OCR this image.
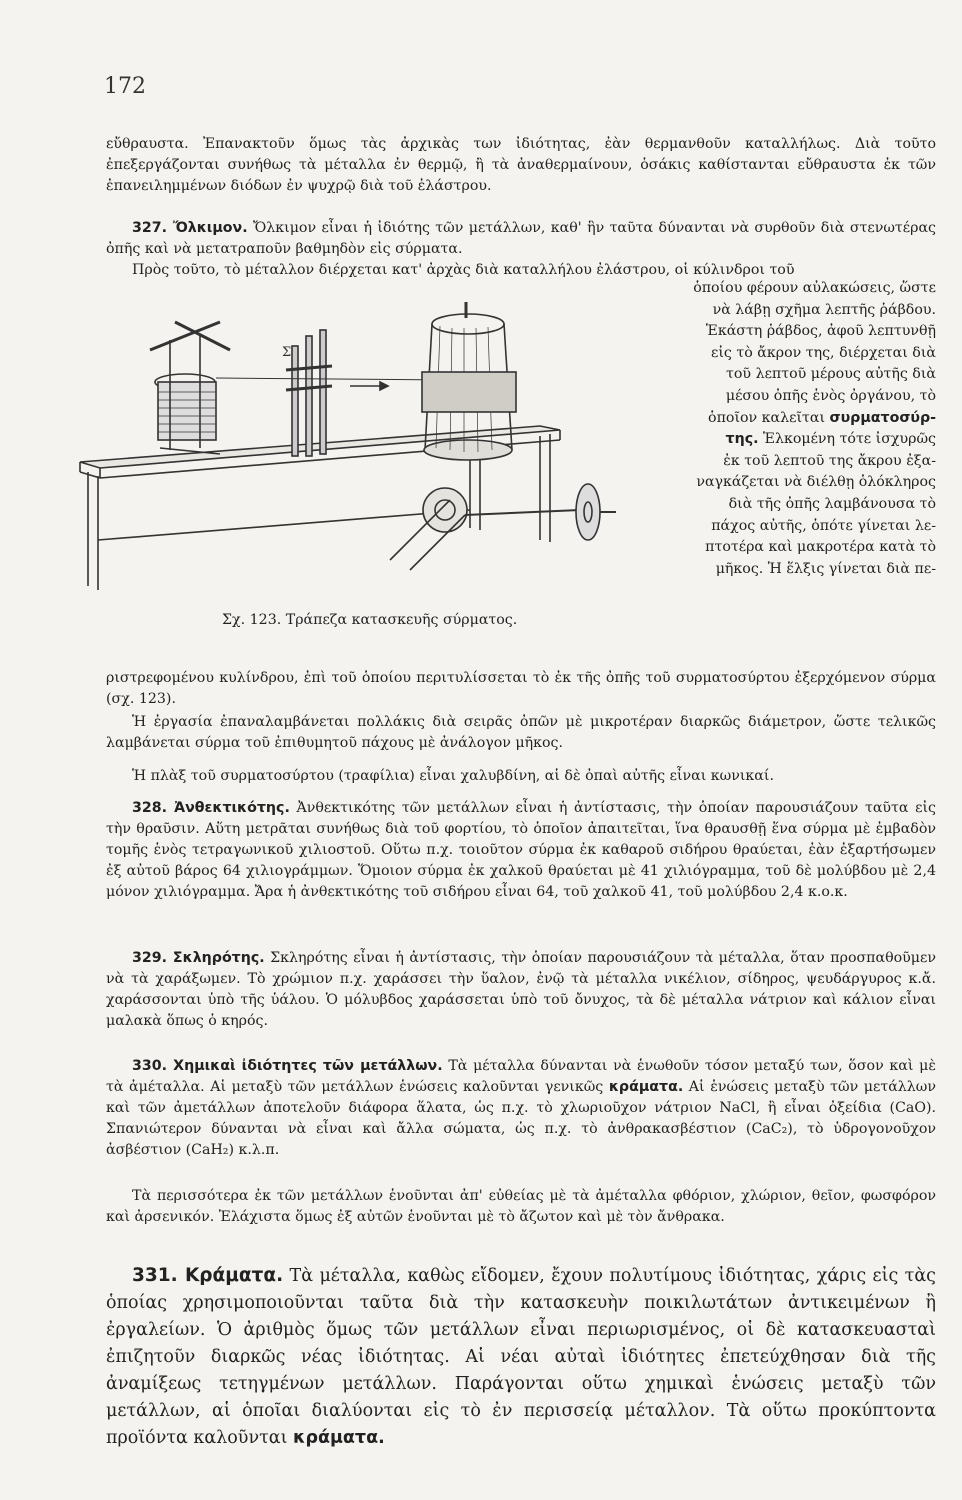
172

εὔθραυστα. Ἐπανακτοῦν ὅμως τὰς ἀρχικὰς των ἰδιότητας, ἐὰν θερμανθοῦν καταλλήλως. Διὰ τοῦτο ἐπεξεργάζονται συνήθως τὰ μέταλλα ἐν θερμῷ, ἢ τὰ ἀναθερμαίνουν, ὁσάκις καθίστανται εὔθραυστα ἐκ τῶν ἐπανειλημμένων διόδων ἐν ψυχρῷ διὰ τοῦ ἐλάστρου.

327. Ὄλκιμον. Ὄλκιμον εἶναι ἡ ἰδιότης τῶν μετάλλων, καθ' ἣν ταῦτα δύνανται νὰ συρθοῦν διὰ στενωτέρας ὀπῆς καὶ νὰ μετατραποῦν βαθμηδὸν εἰς σύρματα.

Πρὸς τοῦτο, τὸ μέταλλον διέρχεται κατ' ἀρχὰς διὰ καταλλήλου ἐλάστρου, οἱ κύλινδροι τοῦ

Σ
Σχ. 123. Τράπεζα κατασκευῆς σύρματος.
ὁποίου φέρουν αὐλακώσεις, ὥστε
νὰ λάβῃ σχῆμα λεπτῆς ῥάβδου.
Ἑκάστη ῥάβδος, ἀφοῦ λεπτυνθῇ
εἰς τὸ ἄκρον της, διέρχεται διὰ
τοῦ λεπτοῦ μέρους αὐτῆς διὰ
μέσου ὀπῆς ἑνὸς ὀργάνου, τὸ
ὁποῖον καλεῖται συρματοσύρ-
της. Ἑλκομένη τότε ἰσχυρῶς
ἐκ τοῦ λεπτοῦ της ἄκρου ἐξα-
ναγκάζεται νὰ διέλθῃ ὁλόκληρος
διὰ τῆς ὀπῆς λαμβάνουσα τὸ
πάχος αὐτῆς, ὁπότε γίνεται λε-
πτοτέρα καὶ μακροτέρα κατὰ τὸ
μῆκος. Ἡ ἕλξις γίνεται διὰ πε-

ριστρεφομένου κυλίνδρου, ἐπὶ τοῦ ὁποίου περιτυλίσσεται τὸ ἐκ τῆς ὀπῆς τοῦ συρματοσύρτου ἐξερχόμενον σύρμα (σχ. 123).

Ἡ ἐργασία ἐπαναλαμβάνεται πολλάκις διὰ σειρᾶς ὀπῶν μὲ μικροτέραν διαρκῶς διάμετρον, ὥστε τελικῶς λαμβάνεται σύρμα τοῦ ἐπιθυμητοῦ πάχους μὲ ἀνάλογον μῆκος.

Ἡ πλὰξ τοῦ συρματοσύρτου (τραφίλια) εἶναι χαλυβδίνη, αἱ δὲ ὀπαὶ αὐτῆς εἶναι κωνικαί.

328. Ἀνθεκτικότης. Ἀνθεκτικότης τῶν μετάλλων εἶναι ἡ ἀντίστασις, τὴν ὁποίαν παρουσιάζουν ταῦτα εἰς τὴν θραῦσιν. Αὕτη μετρᾶται συνήθως διὰ τοῦ φορτίου, τὸ ὁποῖον ἀπαιτεῖται, ἵνα θραυσθῇ ἕνα σύρμα μὲ ἐμβαδὸν τομῆς ἑνὸς τετραγωνικοῦ χιλιοστοῦ. Οὕτω π.χ. τοιοῦτον σύρμα ἐκ καθαροῦ σιδήρου θραύεται, ἐὰν ἐξαρτήσωμεν ἐξ αὐτοῦ βάρος 64 χιλιογράμμων. Ὅμοιον σύρμα ἐκ χαλκοῦ θραύεται μὲ 41 χιλιόγραμμα, τοῦ δὲ μολύβδου μὲ 2,4 μόνον χιλιόγραμμα. Ἄρα ἡ ἀνθεκτικότης τοῦ σιδήρου εἶναι 64, τοῦ χαλκοῦ 41, τοῦ μολύβδου 2,4 κ.ο.κ.

329. Σκληρότης. Σκληρότης εἶναι ἡ ἀντίστασις, τὴν ὁποίαν παρουσιάζουν τὰ μέταλλα, ὅταν προσπαθοῦμεν νὰ τὰ χαράξωμεν. Τὸ χρώμιον π.χ. χαράσσει τὴν ὕαλον, ἐνῷ τὰ μέταλλα νικέλιον, σίδηρος, ψευδάργυρος κ.ἄ. χαράσσονται ὑπὸ τῆς ὑάλου. Ὁ μόλυβδος χαράσσεται ὑπὸ τοῦ ὄνυχος, τὰ δὲ μέταλλα νάτριον καὶ κάλιον εἶναι μαλακὰ ὅπως ὁ κηρός.

330. Χημικαὶ ἰδιότητες τῶν μετάλλων. Τὰ μέταλλα δύνανται νὰ ἑνωθοῦν τόσον μεταξύ των, ὅσον καὶ μὲ τὰ ἀμέταλλα. Αἱ μεταξὺ τῶν μετάλλων ἑνώσεις καλοῦνται γενικῶς κράματα. Αἱ ἑνώσεις μεταξὺ τῶν μετάλλων καὶ τῶν ἀμετάλλων ἀποτελοῦν διάφορα ἅλατα, ὡς π.χ. τὸ χλωριοῦχον νάτριον NaCl, ἢ εἶναι ὀξείδια (CaO). Σπανιώτερον δύνανται νὰ εἶναι καὶ ἄλλα σώματα, ὡς π.χ. τὸ ἀνθρακασβέστιον (CaC₂), τὸ ὑδρογονοῦχον ἀσβέστιον (CaH₂) κ.λ.π.

Τὰ περισσότερα ἐκ τῶν μετάλλων ἑνοῦνται ἀπ' εὐθείας μὲ τὰ ἀμέταλλα φθόριον, χλώριον, θεῖον, φωσφόρον καὶ ἀρσενικόν. Ἐλάχιστα ὅμως ἐξ αὐτῶν ἑνοῦνται μὲ τὸ ἄζωτον καὶ μὲ τὸν ἄνθρακα.

331. Κράματα. Τὰ μέταλλα, καθὼς εἴδομεν, ἔχουν πολυτίμους ἰδιότητας, χάρις εἰς τὰς ὁποίας χρησιμοποιοῦνται ταῦτα διὰ τὴν κατασκευὴν ποικιλωτάτων ἀντικειμένων ἢ ἐργαλείων. Ὁ ἀριθμὸς ὅμως τῶν μετάλλων εἶναι περιωρισμένος, οἱ δὲ κατασκευασταὶ ἐπιζητοῦν διαρκῶς νέας ἰδιότητας. Αἱ νέαι αὐταὶ ἰδιότητες ἐπετεύχθησαν διὰ τῆς ἀναμίξεως τετηγμένων μετάλλων. Παράγονται οὕτω χημικαὶ ἑνώσεις μεταξὺ τῶν μετάλλων, αἱ ὁποῖαι διαλύονται εἰς τὸ ἐν περισσείᾳ μέταλλον. Τὰ οὕτω προκύπτοντα προϊόντα καλοῦνται κράματα.
